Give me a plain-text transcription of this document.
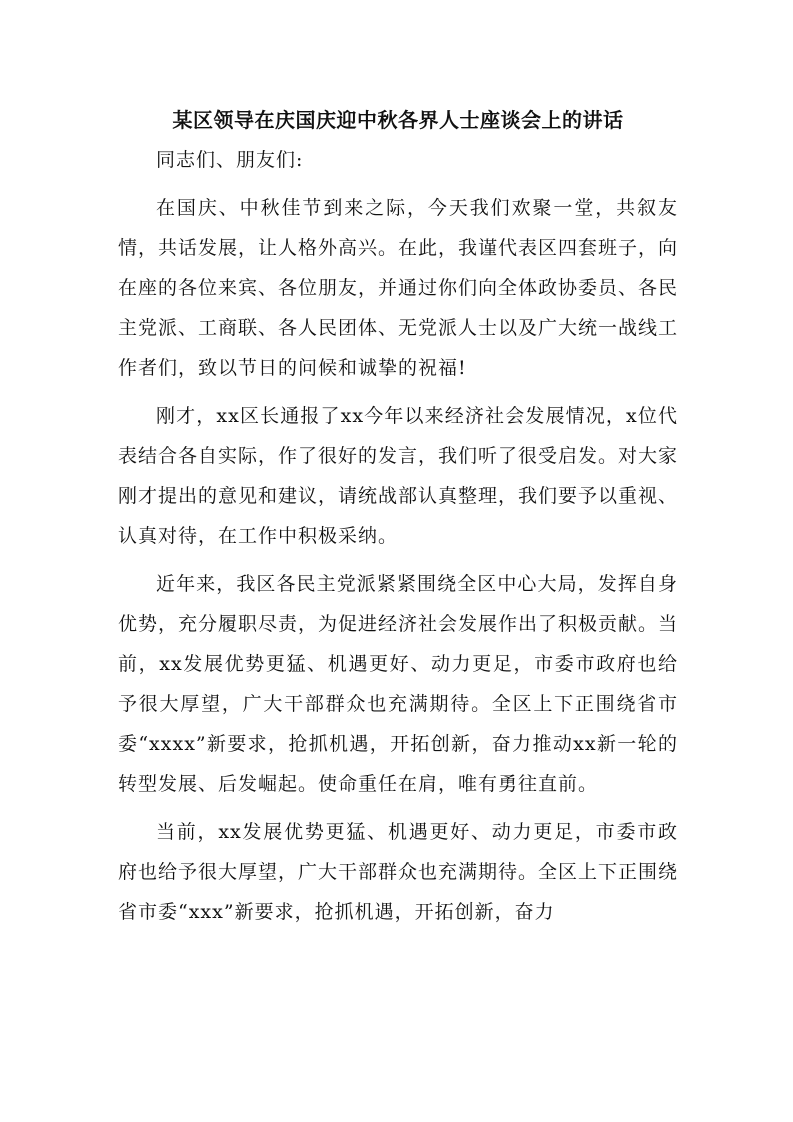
某区领导在庆国庆迎中秋各界人士座谈会上的讲话

同志们、朋友们:

在国庆、中秋佳节到来之际，今天我们欢聚一堂，共叙友情，共话发展，让人格外高兴。在此，我谨代表区四套班子，向在座的各位来宾、各位朋友，并通过你们向全体政协委员、各民主党派、工商联、各人民团体、无党派人士以及广大统一战线工作者们，致以节日的问候和诚挚的祝福!

刚才，xx区长通报了xx今年以来经济社会发展情况，x位代表结合各自实际，作了很好的发言，我们听了很受启发。对大家刚才提出的意见和建议，请统战部认真整理，我们要予以重视、认真对待，在工作中积极采纳。

近年来，我区各民主党派紧紧围绕全区中心大局，发挥自身优势，充分履职尽责，为促进经济社会发展作出了积极贡献。当前，xx发展优势更猛、机遇更好、动力更足，市委市政府也给予很大厚望，广大干部群众也充满期待。全区上下正围绕省市委“xxxx”新要求，抢抓机遇，开拓创新，奋力推动xx新一轮的转型发展、后发崛起。使命重任在肩，唯有勇往直前。

当前，xx发展优势更猛、机遇更好、动力更足，市委市政府也给予很大厚望，广大干部群众也充满期待。全区上下正围绕省市委“xxx”新要求，抢抓机遇，开拓创新，奋力
